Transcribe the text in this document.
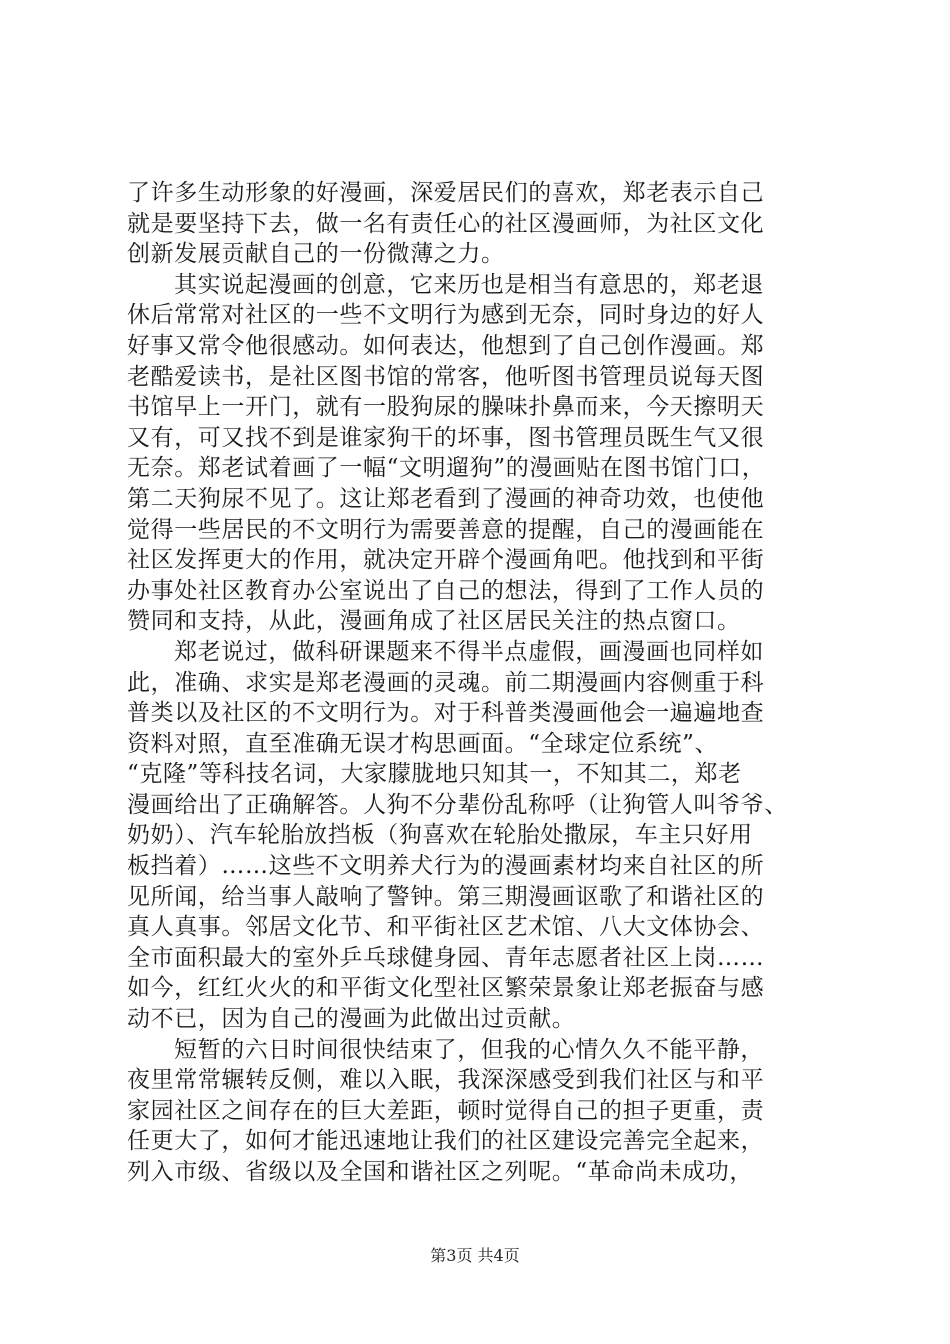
了许多生动形象的好漫画，深爱居民们的喜欢，郑老表示自己
就是要坚持下去，做一名有责任心的社区漫画师，为社区文化
创新发展贡献自己的一份微薄之力。
其实说起漫画的创意，它来历也是相当有意思的，郑老退
休后常常对社区的一些不文明行为感到无奈，同时身边的好人
好事又常令他很感动。如何表达，他想到了自己创作漫画。郑
老酷爱读书，是社区图书馆的常客，他听图书管理员说每天图
书馆早上一开门，就有一股狗尿的臊味扑鼻而来，今天擦明天
又有，可又找不到是谁家狗干的坏事，图书管理员既生气又很
无奈。郑老试着画了一幅“文明遛狗”的漫画贴在图书馆门口，
第二天狗尿不见了。这让郑老看到了漫画的神奇功效，也使他
觉得一些居民的不文明行为需要善意的提醒，自己的漫画能在
社区发挥更大的作用，就决定开辟个漫画角吧。他找到和平街
办事处社区教育办公室说出了自己的想法，得到了工作人员的
赞同和支持，从此，漫画角成了社区居民关注的热点窗口。
郑老说过，做科研课题来不得半点虚假，画漫画也同样如
此，准确、求实是郑老漫画的灵魂。前二期漫画内容侧重于科
普类以及社区的不文明行为。对于科普类漫画他会一遍遍地查
资料对照，直至准确无误才构思画面。“全球定位系统”、
“克隆”等科技名词，大家朦胧地只知其一，不知其二，郑老
漫画给出了正确解答。人狗不分辈份乱称呼（让狗管人叫爷爷、
奶奶）、汽车轮胎放挡板（狗喜欢在轮胎处撒尿，车主只好用
板挡着）……这些不文明养犬行为的漫画素材均来自社区的所
见所闻，给当事人敲响了警钟。第三期漫画讴歌了和谐社区的
真人真事。邻居文化节、和平街社区艺术馆、八大文体协会、
全市面积最大的室外乒乓球健身园、青年志愿者社区上岗……
如今，红红火火的和平街文化型社区繁荣景象让郑老振奋与感
动不已，因为自己的漫画为此做出过贡献。
短暂的六日时间很快结束了，但我的心情久久不能平静，
夜里常常辗转反侧，难以入眠，我深深感受到我们社区与和平
家园社区之间存在的巨大差距，顿时觉得自己的担子更重，责
任更大了，如何才能迅速地让我们的社区建设完善完全起来，
列入市级、省级以及全国和谐社区之列呢。“革命尚未成功，
第3页 共4页
